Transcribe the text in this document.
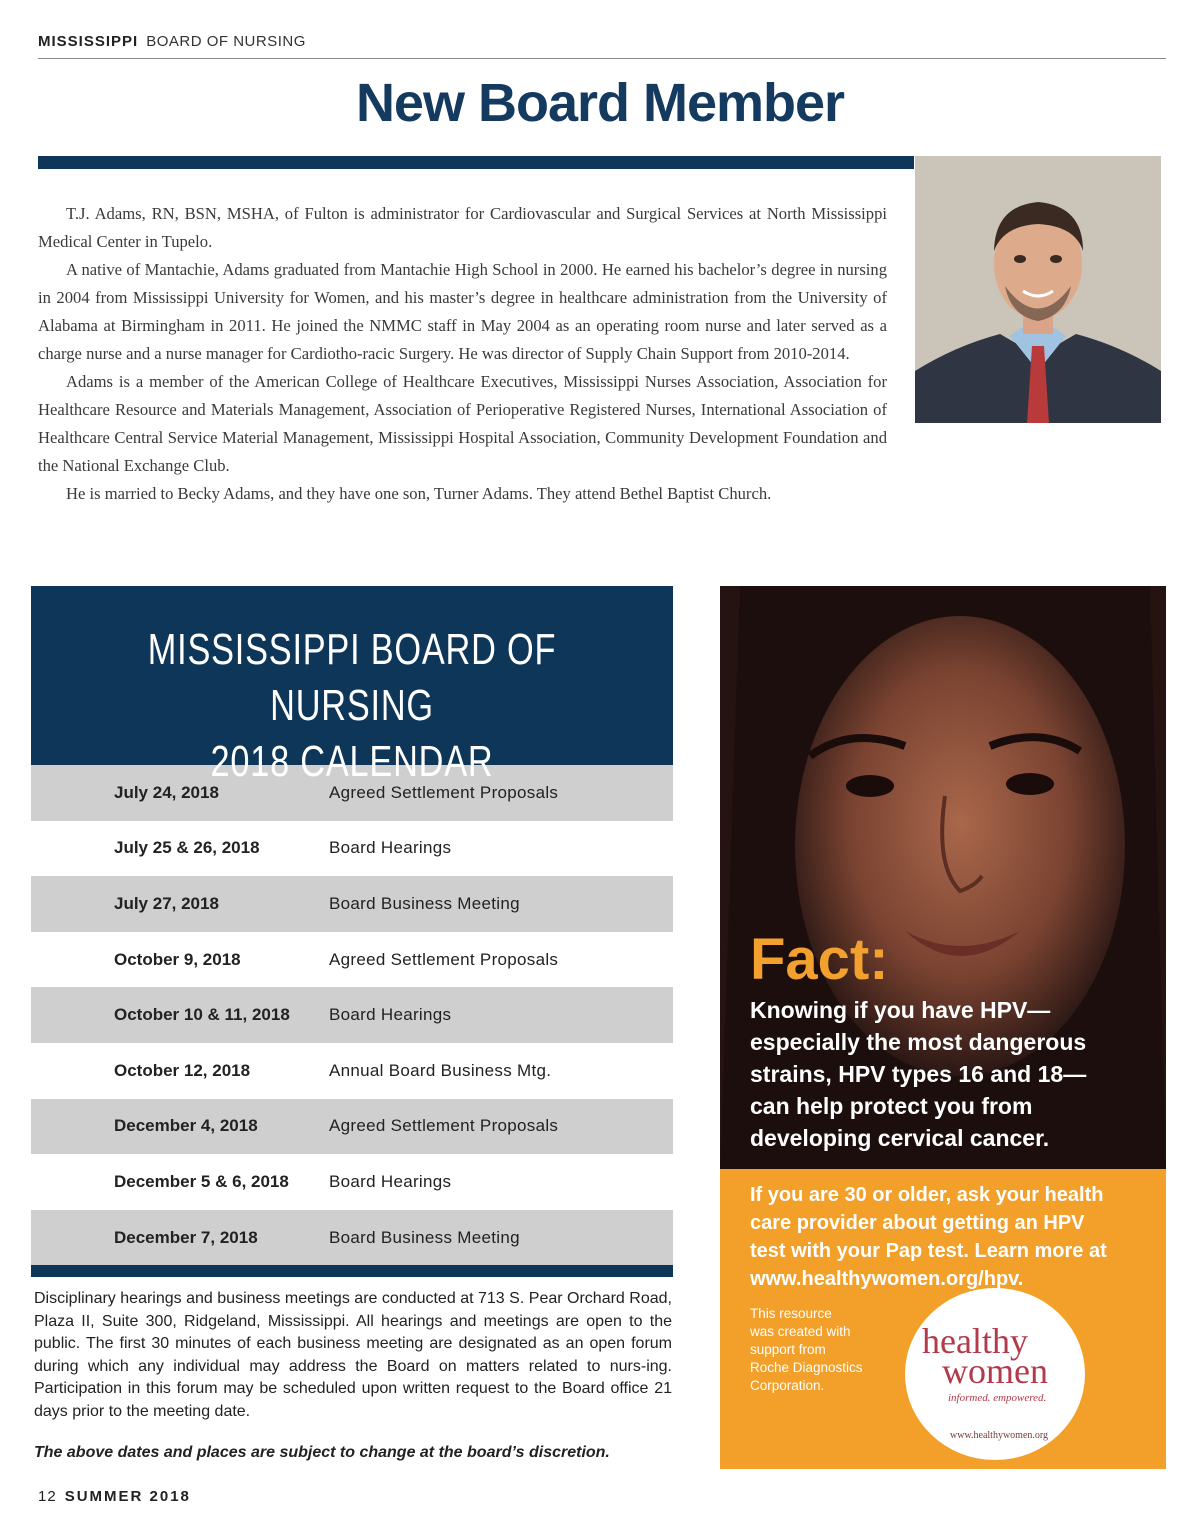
MISSISSIPPI BOARD OF NURSING
New Board Member

T.J. Adams, RN, BSN, MSHA, of Fulton is administrator for Cardiovascular and Surgical Services at North Mississippi Medical Center in Tupelo.

A native of Mantachie, Adams graduated from Mantachie High School in 2000. He earned his bachelor’s degree in nursing in 2004 from Mississippi University for Women, and his master’s degree in healthcare administration from the University of Alabama at Birmingham in 2011. He joined the NMMC staff in May 2004 as an operating room nurse and later served as a charge nurse and a nurse manager for Cardiotho-racic Surgery. He was director of Supply Chain Support from 2010-2014.

Adams is a member of the American College of Healthcare Executives, Mississippi Nurses Association, Association for Healthcare Resource and Materials Management, Association of Perioperative Registered Nurses, International Association of Healthcare Central Service Material Management, Mississippi Hospital Association, Community Development Foundation and the National Exchange Club.

He is married to Becky Adams, and they have one son, Turner Adams. They attend Bethel Baptist Church.

MISSISSIPPI BOARD OF NURSING
2018 CALENDAR
July 24, 2018	Agreed Settlement Proposals
July 25 & 26, 2018	Board Hearings
July 27, 2018	Board Business Meeting
October 9, 2018	Agreed Settlement Proposals
October 10 & 11, 2018	Board Hearings
October 12, 2018	Annual Board Business Mtg.
December 4, 2018	Agreed Settlement Proposals
December 5 & 6, 2018	Board Hearings
December 7, 2018	Board Business Meeting

Disciplinary hearings and business meetings are conducted at 713 S. Pear Orchard Road, Plaza II, Suite 300, Ridgeland, Mississippi. All hearings and meetings are open to the public. The first 30 minutes of each business meeting are designated as an open forum during which any individual may address the Board on matters related to nurs-ing. Participation in this forum may be scheduled upon written request to the Board office 21 days prior to the meeting date.

The above dates and places are subject to change at the board’s discretion.

Fact:
Knowing if you have HPV—
especially the most dangerous
strains, HPV types 16 and 18—
can help protect you from
developing cervical cancer.
If you are 30 or older, ask your health
care provider about getting an HPV
test with your Pap test. Learn more at
www.healthywomen.org/hpv.
This resource
was created with
support from
Roche Diagnostics
Corporation.
healthy
women
informed. empowered.
www.healthywomen.org
12 SUMMER 2018
